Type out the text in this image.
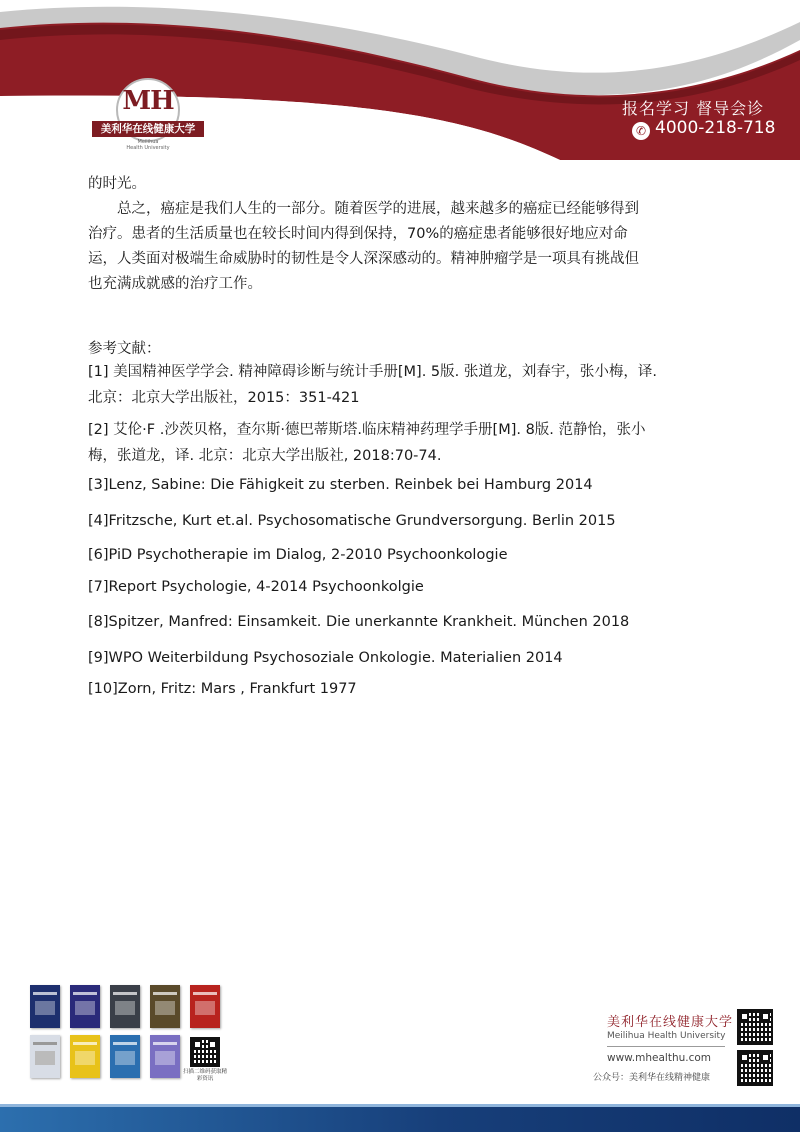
MH
美利华在线健康大学
Meilihua
Health University
报名学习 督导会诊
✆ 4000-218-718

的时光。

总之，癌症是我们人生的一部分。随着医学的进展，越来越多的癌症已经能够得到
治疗。患者的生活质量也在较长时间内得到保持，70%的癌症患者能够很好地应对命
运，人类面对极端生命威胁时的韧性是令人深深感动的。精神肿瘤学是一项具有挑战但
也充满成就感的治疗工作。

参考文献：
[1] 美国精神医学学会. 精神障碍诊断与统计手册[M]. 5版. 张道龙，刘春宇，张小梅，译.
北京：北京大学出版社，2015：351-421
[2] 艾伦·F .沙茨贝格，查尔斯·德巴蒂斯塔.临床精神药理学手册[M]. 8版. 范静怡，张小
梅，张道龙，译. 北京：北京大学出版社, 2018:70-74.
[3]Lenz, Sabine: Die Fähigkeit zu sterben. Reinbek bei Hamburg 2014
[4]Fritzsche, Kurt et.al. Psychosomatische Grundversorgung. Berlin 2015
[6]PiD Psychotherapie im Dialog, 2-2010 Psychoonkologie
[7]Report Psychologie, 4-2014 Psychoonkolgie
[8]Spitzer, Manfred: Einsamkeit. Die unerkannte Krankheit. München 2018
[9]WPO Weiterbildung Psychosoziale Onkologie. Materialien 2014
[10]Zorn, Fritz: Mars , Frankfurt 1977
扫描二维码获取精彩资讯
美利华在线健康大学
Meilihua Health University
www.mhealthu.com
公众号：美利华在线精神健康
